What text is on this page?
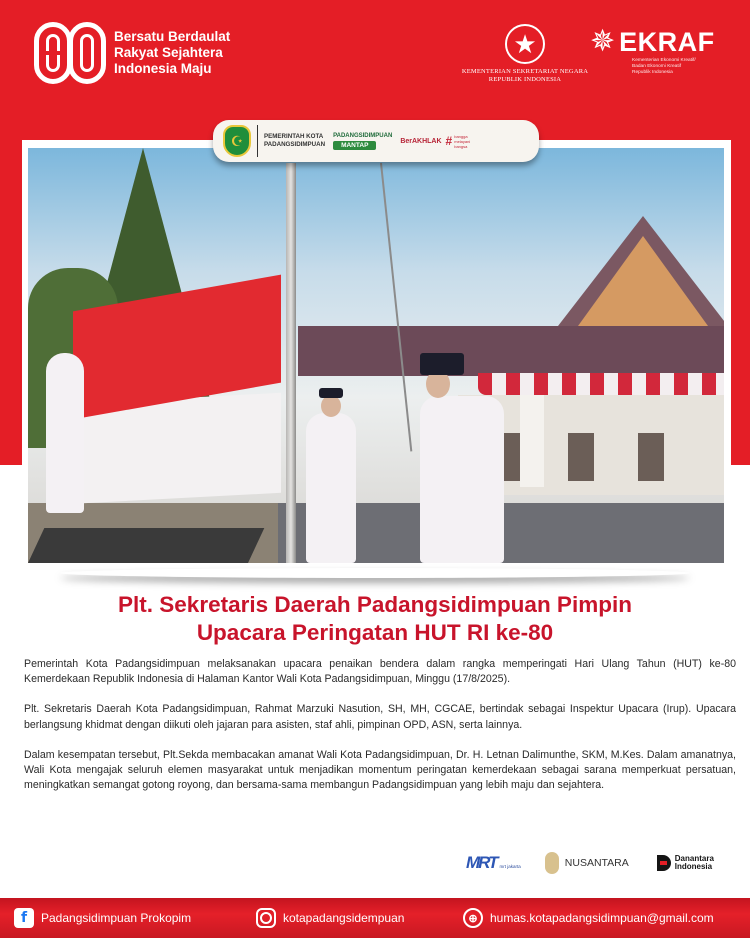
Bersatu Berdaulat
Rakyat Sejahtera
Indonesia Maju
★
KEMENTERIAN SEKRETARIAT NEGARA
REPUBLIK INDONESIA
✵ EKRAF
Kementerian Ekonomi Kreatif/
Badan Ekonomi Kreatif
Republik Indonesia
☪	PEMERINTAH KOTA
PADANGSIDIMPUAN
PADANGSIDIMPUAN
MANTAP
BerAKHLAK # bangga
melayani
bangsa
Plt. Sekretaris Daerah Padangsidimpuan Pimpin
Upacara Peringatan HUT RI ke-80

Pemerintah Kota Padangsidimpuan melaksanakan upacara penaikan bendera dalam rangka memperingati Hari Ulang Tahun (HUT) ke-80 Kemerdekaan Republik Indonesia di Halaman Kantor Wali Kota Padangsidimpuan, Minggu (17/8/2025).

Plt. Sekretaris Daerah Kota Padangsidimpuan, Rahmat Marzuki Nasution, SH, MH, CGCAE, bertindak sebagai Inspektur Upacara (Irup). Upacara berlangsung khidmat dengan diikuti oleh jajaran para asisten, staf ahli, pimpinan OPD, ASN, serta lainnya.

Dalam kesempatan tersebut, Plt.Sekda membacakan amanat Wali Kota Padangsidimpuan, Dr. H. Letnan Dalimunthe, SKM, M.Kes. Dalam amanatnya, Wali Kota mengajak seluruh elemen masyarakat untuk menjadikan momentum peringatan kemerdekaan sebagai sarana memperkuat persatuan, meningkatkan semangat gotong royong, dan bersama-sama membangun Padangsidimpuan yang lebih maju dan sejahtera.

MRT mrt jakarta	NUSANTARA	Danantara
Indonesia
f	Padangsidimpuan Prokopim	kotapadangsidempuan	⊕	humas.kotapadangsidimpuan@gmail.com
